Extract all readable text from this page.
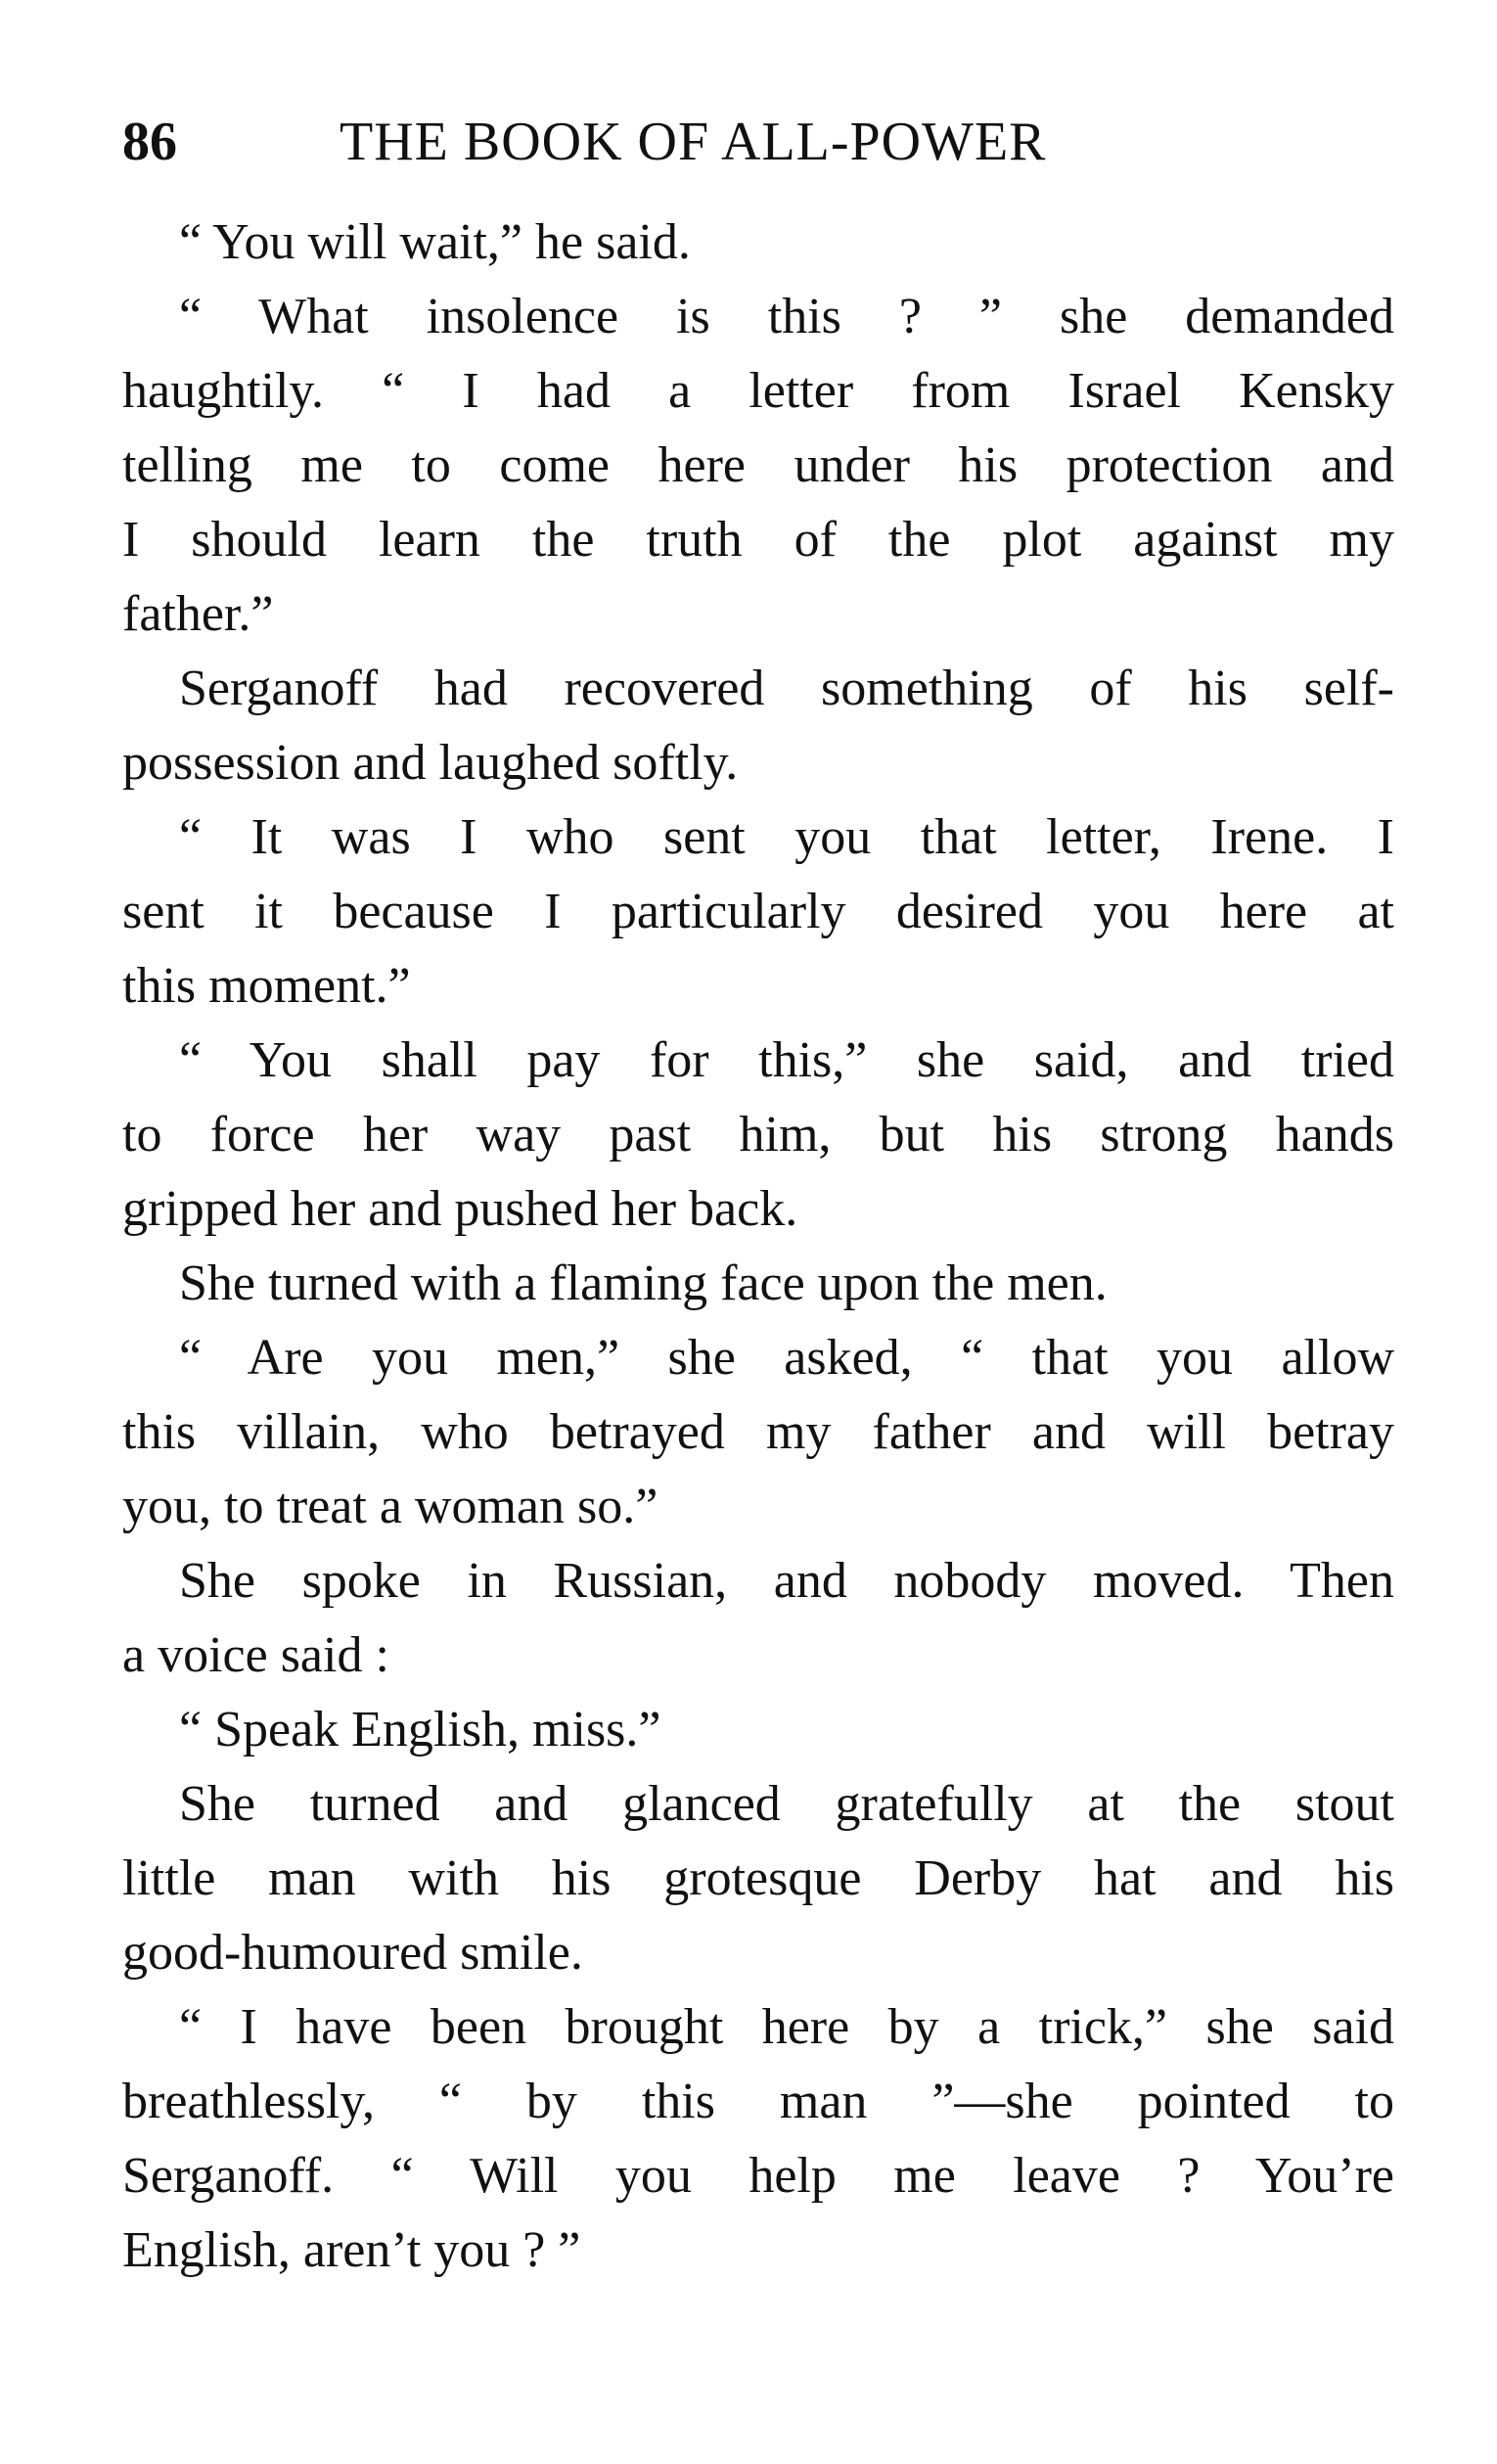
86	THE BOOK OF ALL-POWER
“ You will wait,” he said.
“ What insolence is this ? ” she demanded
haughtily. “ I had a letter from Israel Kensky
telling me to come here under his protection and
I should learn the truth of the plot against my
father.”
Serganoff had recovered something of his self-
possession and laughed softly.
“ It was I who sent you that letter, Irene. I
sent it because I particularly desired you here at
this moment.”
“ You shall pay for this,” she said, and tried
to force her way past him, but his strong hands
gripped her and pushed her back.
She turned with a flaming face upon the men.
“ Are you men,” she asked, “ that you allow
this villain, who betrayed my father and will betray
you, to treat a woman so.”
She spoke in Russian, and nobody moved. Then
a voice said :
“ Speak English, miss.”
She turned and glanced gratefully at the stout
little man with his grotesque Derby hat and his
good-humoured smile.
“ I have been brought here by a trick,” she said
breathlessly, “ by this man ”—she pointed to
Serganoff. “ Will you help me leave ? You’re
English, aren’t you ? ”
